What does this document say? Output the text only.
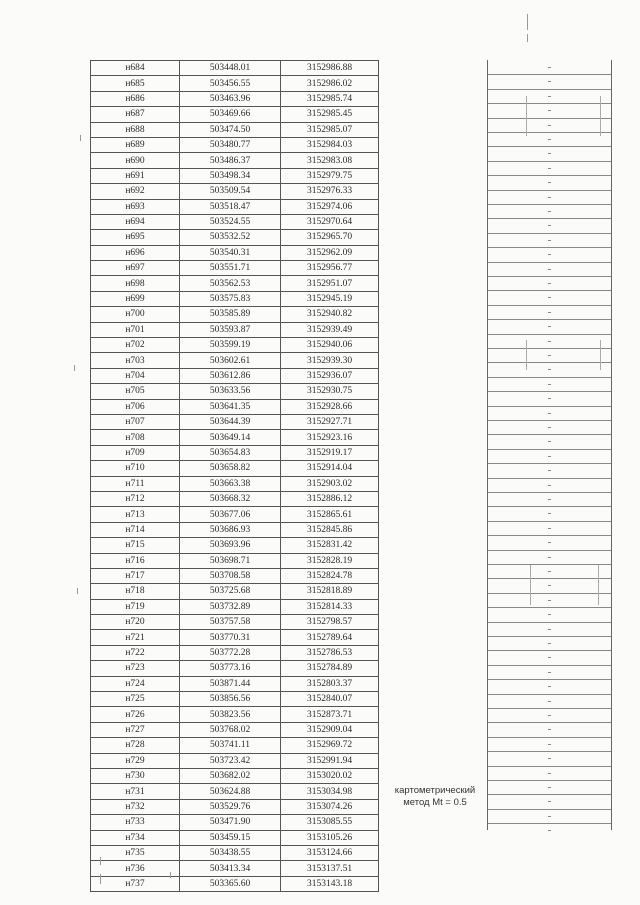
н684	503448.01	3152986.88
н685	503456.55	3152986.02
н686	503463.96	3152985.74
н687	503469.66	3152985.45
н688	503474.50	3152985.07
н689	503480.77	3152984.03
н690	503486.37	3152983.08
н691	503498.34	3152979.75
н692	503509.54	3152976.33
н693	503518.47	3152974.06
н694	503524.55	3152970.64
н695	503532.52	3152965.70
н696	503540.31	3152962.09
н697	503551.71	3152956.77
н698	503562.53	3152951.07
н699	503575.83	3152945.19
н700	503585.89	3152940.82
н701	503593.87	3152939.49
н702	503599.19	3152940.06
н703	503602.61	3152939.30
н704	503612.86	3152936.07
н705	503633.56	3152930.75
н706	503641.35	3152928.66
н707	503644.39	3152927.71
н708	503649.14	3152923.16
н709	503654.83	3152919.17
н710	503658.82	3152914.04
н711	503663.38	3152903.02
н712	503668.32	3152886.12
н713	503677.06	3152865.61
н714	503686.93	3152845.86
н715	503693.96	3152831.42
н716	503698.71	3152828.19
н717	503708.58	3152824.78
н718	503725.68	3152818.89
н719	503732.89	3152814.33
н720	503757.58	3152798.57
н721	503770.31	3152789.64
н722	503772.28	3152786.53
н723	503773.16	3152784.89
н724	503871.44	3152803.37
н725	503856.56	3152840.07
н726	503823.56	3152873.71
н727	503768.02	3152909.04
н728	503741.11	3152969.72
н729	503723.42	3152991.94
н730	503682.02	3153020.02
н731	503624.88	3153034.98
н732	503529.76	3153074.26
н733	503471.90	3153085.55
н734	503459.15	3153105.26
н735	503438.55	3153124.66
н736	503413.34	3153137.51
н737	503365.60	3153143.18
картометрический
метод Mt = 0.5
